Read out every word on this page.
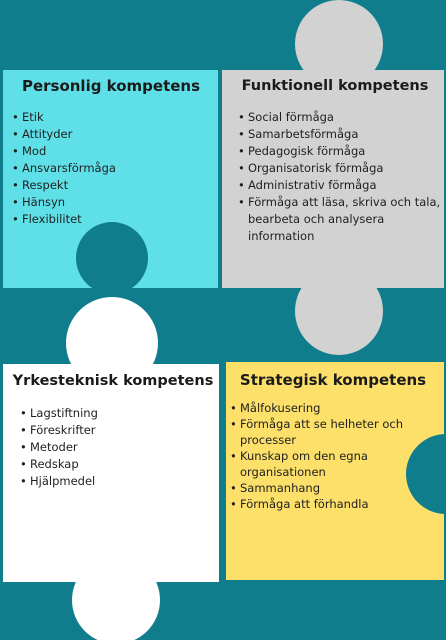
Personlig kompetens
• Etik
• Attityder
• Mod
• Ansvarsförmåga
• Respekt
• Hänsyn
• Flexibilitet
Funktionell kompetens
• Social förmåga
• Samarbetsförmåga
• Pedagogisk förmåga
• Organisatorisk förmåga
• Administrativ förmåga
• Förmåga att läsa, skriva och tala, bearbeta och analysera information
Yrkesteknisk kompetens
• Lagstiftning
• Föreskrifter
• Metoder
• Redskap
• Hjälpmedel
Strategisk kompetens
• Målfokusering
• Förmåga att se helheter och processer
• Kunskap om den egna organisationen
• Sammanhang
• Förmåga att förhandla
